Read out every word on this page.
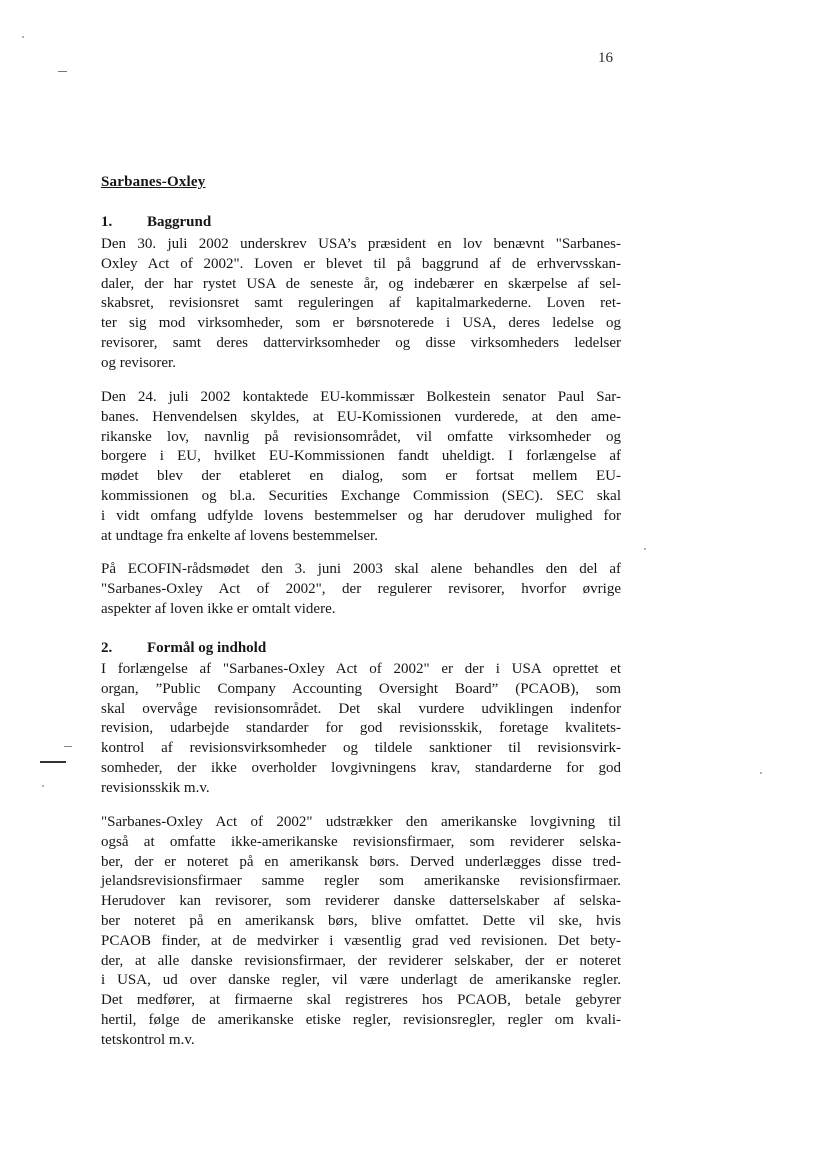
16
Sarbanes-Oxley
1. Baggrund
Den 30. juli 2002 underskrev USA’s præsident en lov benævnt "Sarbanes-
Oxley Act of 2002". Loven er blevet til på baggrund af de erhvervsskan-
daler, der har rystet USA de seneste år, og indebærer en skærpelse af sel-
skabsret, revisionsret samt reguleringen af kapitalmarkederne. Loven ret-
ter sig mod virksomheder, som er børsnoterede i USA, deres ledelse og
revisorer, samt deres dattervirksomheder og disse virksomheders ledelser
og revisorer.
Den 24. juli 2002 kontaktede EU-kommissær Bolkestein senator Paul Sar-
banes. Henvendelsen skyldes, at EU-Komissionen vurderede, at den ame-
rikanske lov, navnlig på revisionsområdet, vil omfatte virksomheder og
borgere i EU, hvilket EU-Kommissionen fandt uheldigt. I forlængelse af
mødet blev der etableret en dialog, som er fortsat mellem EU-
kommissionen og bl.a. Securities Exchange Commission (SEC). SEC skal
i vidt omfang udfylde lovens bestemmelser og har derudover mulighed for
at undtage fra enkelte af lovens bestemmelser.
På ECOFIN-rådsmødet den 3. juni 2003 skal alene behandles den del af
"Sarbanes-Oxley Act of 2002", der regulerer revisorer, hvorfor øvrige
aspekter af loven ikke er omtalt videre.
2. Formål og indhold
I forlængelse af "Sarbanes-Oxley Act of 2002" er der i USA oprettet et
organ, ”Public Company Accounting Oversight Board” (PCAOB), som
skal overvåge revisionsområdet. Det skal vurdere udviklingen indenfor
revision, udarbejde standarder for god revisionsskik, foretage kvalitets-
kontrol af revisionsvirksomheder og tildele sanktioner til revisionsvirk-
somheder, der ikke overholder lovgivningens krav, standarderne for god
revisionsskik m.v.
"Sarbanes-Oxley Act of 2002" udstrækker den amerikanske lovgivning til
også at omfatte ikke-amerikanske revisionsfirmaer, som reviderer selska-
ber, der er noteret på en amerikansk børs. Derved underlægges disse tred-
jelandsrevisionsfirmaer samme regler som amerikanske revisionsfirmaer.
Herudover kan revisorer, som reviderer danske datterselskaber af selska-
ber noteret på en amerikansk børs, blive omfattet. Dette vil ske, hvis
PCAOB finder, at de medvirker i væsentlig grad ved revisionen. Det bety-
der, at alle danske revisionsfirmaer, der reviderer selskaber, der er noteret
i USA, ud over danske regler, vil være underlagt de amerikanske regler.
Det medfører, at firmaerne skal registreres hos PCAOB, betale gebyrer
hertil, følge de amerikanske etiske regler, revisionsregler, regler om kvali-
tetskontrol m.v.
